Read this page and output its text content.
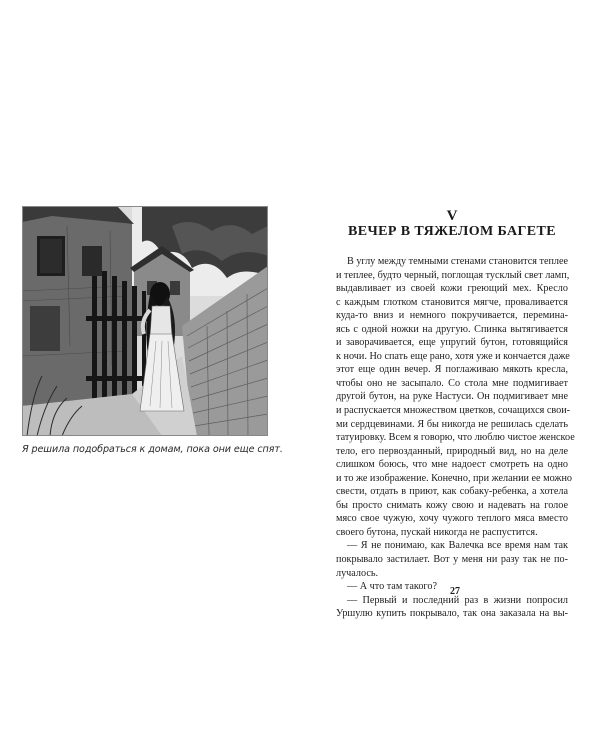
Я решила подобраться к домам, пока они еще спят.
V
ВЕЧЕР В ТЯЖЕЛОМ БАГЕТЕ
В углу между темными стенами становится теплее
и теплее, будто черный, поглощая тусклый свет ламп,
выдавливает из своей кожи греющий мех. Кресло
с каждым глотком становится мягче, проваливается
куда-то вниз и немного покручивается, перемина-
ясь с одной ножки на другую. Спинка вытягивается
и заворачивается, еще упругий бутон, готовящийся
к ночи. Но спать еще рано, хотя уже и кончается даже
этот еще один вечер. Я поглаживаю мякоть кресла,
чтобы оно не засыпало. Со стола мне подмигивает
другой бутон, на руке Настуси. Он подмигивает мне
и распускается множеством цветков, сочащихся свои-
ми сердцевинами. Я бы никогда не решилась сделать
татуировку. Всем я говорю, что люблю чистое женское
тело, его первозданный, природный вид, но на деле
слишком боюсь, что мне надоест смотреть на одно
и то же изображение. Конечно, при желании ее можно
свести, отдать в приют, как собаку-ребенка, а хотела
бы просто снимать кожу свою и надевать на голое
мясо свое чужую, хочу чужого теплого мяса вместо
своего бутона, пускай никогда не распустится.
— Я не понимаю, как Валечка все время нам так
покрывало застилает. Вот у меня ни разу так не по-
лучалось.
— А что там такого?
— Первый и последний раз в жизни попросил
Уршулю купить покрывало, так она заказала на вы-
27
